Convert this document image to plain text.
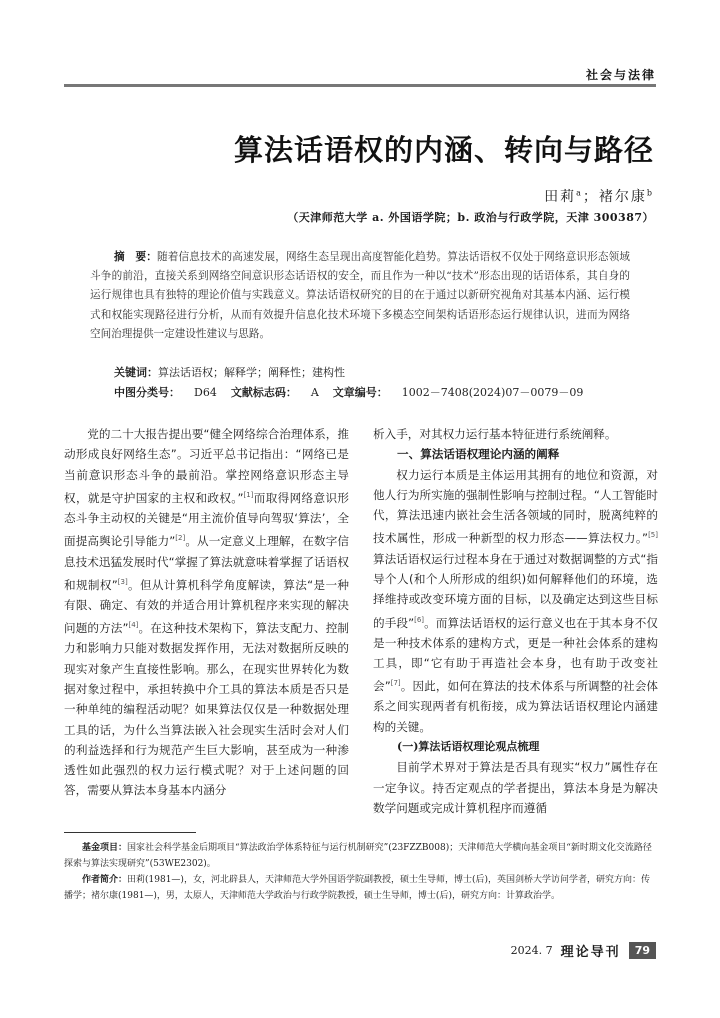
社会与法律
算法话语权的内涵、转向与路径
田莉$^a$；褚尔康$^b$
（天津师范大学 a. 外国语学院；b. 政治与行政学院，天津 300387）
摘　要：随着信息技术的高速发展，网络生态呈现出高度智能化趋势。算法话语权不仅处于网络意识形态领域斗争的前沿，直接关系到网络空间意识形态话语权的安全，而且作为一种以“技术”形态出现的话语体系，其自身的运行规律也具有独特的理论价值与实践意义。算法话语权研究的目的在于通过以新研究视角对其基本内涵、运行模式和权能实现路径进行分析，从而有效提升信息化技术环境下多模态空间架构话语形态运行规律认识，进而为网络空间治理提供一定建设性建议与思路。
关键词：算法话语权；解释学；阐释性；建构性
中图分类号： D64 文献标志码： A 文章编号： 1002－7408(2024)07－0079－09

党的二十大报告提出要“健全网络综合治理体系，推动形成良好网络生态”。习近平总书记指出：“网络已是当前意识形态斗争的最前沿。掌控网络意识形态主导权，就是守护国家的主权和政权。”[1]而取得网络意识形态斗争主动权的关键是“用主流价值导向驾驭‘算法’，全面提高舆论引导能力”[2]。从一定意义上理解，在数字信息技术迅猛发展时代“掌握了算法就意味着掌握了话语权和规制权”[3]。但从计算机科学角度解读，算法“是一种有限、确定、有效的并适合用计算机程序来实现的解决问题的方法”[4]。在这种技术架构下，算法支配力、控制力和影响力只能对数据发挥作用，无法对数据所反映的现实对象产生直接性影响。那么，在现实世界转化为数据对象过程中，承担转换中介工具的算法本质是否只是一种单纯的编程活动呢？如果算法仅仅是一种数据处理工具的话，为什么当算法嵌入社会现实生活时会对人们的利益选择和行为规范产生巨大影响，甚至成为一种渗透性如此强烈的权力运行模式呢？对于上述问题的回答，需要从算法本身基本内涵分

析入手，对其权力运行基本特征进行系统阐释。

一、算法话语权理论内涵的阐释

权力运行本质是主体运用其拥有的地位和资源，对他人行为所实施的强制性影响与控制过程。“人工智能时代，算法迅速内嵌社会生活各领域的同时，脱离纯粹的技术属性，形成一种新型的权力形态——算法权力。”[5]算法话语权运行过程本身在于通过对数据调整的方式“指导个人(和个人所形成的组织)如何解释他们的环境，选择维持或改变环境方面的目标，以及确定达到这些目标的手段”[6]。而算法话语权的运行意义也在于其本身不仅是一种技术体系的建构方式，更是一种社会体系的建构工具，即“它有助于再造社会本身，也有助于改变社会”[7]。因此，如何在算法的技术体系与所调整的社会体系之间实现两者有机衔接，成为算法话语权理论内涵建构的关键。

(一)算法话语权理论观点梳理

目前学术界对于算法是否具有现实“权力”属性存在一定争议。持否定观点的学者提出，算法本身是为解决数学问题或完成计算机程序而遵循

基金项目：国家社会科学基金后期项目“算法政治学体系特征与运行机制研究”(23FZZB008)；天津师范大学横向基金项目“新时期文化交流路径探索与算法实现研究”(53WE2302)。

作者简介：田莉(1981—)，女，河北辟县人，天津师范大学外国语学院副教授，硕士生导师，博士(后)，英国剑桥大学访问学者，研究方向：传播学；褚尔康(1981—)，男，太原人，天津师范大学政治与行政学院教授，硕士生导师，博士(后)，研究方向：计算政治学。

2024. 7 理论导刊	79
